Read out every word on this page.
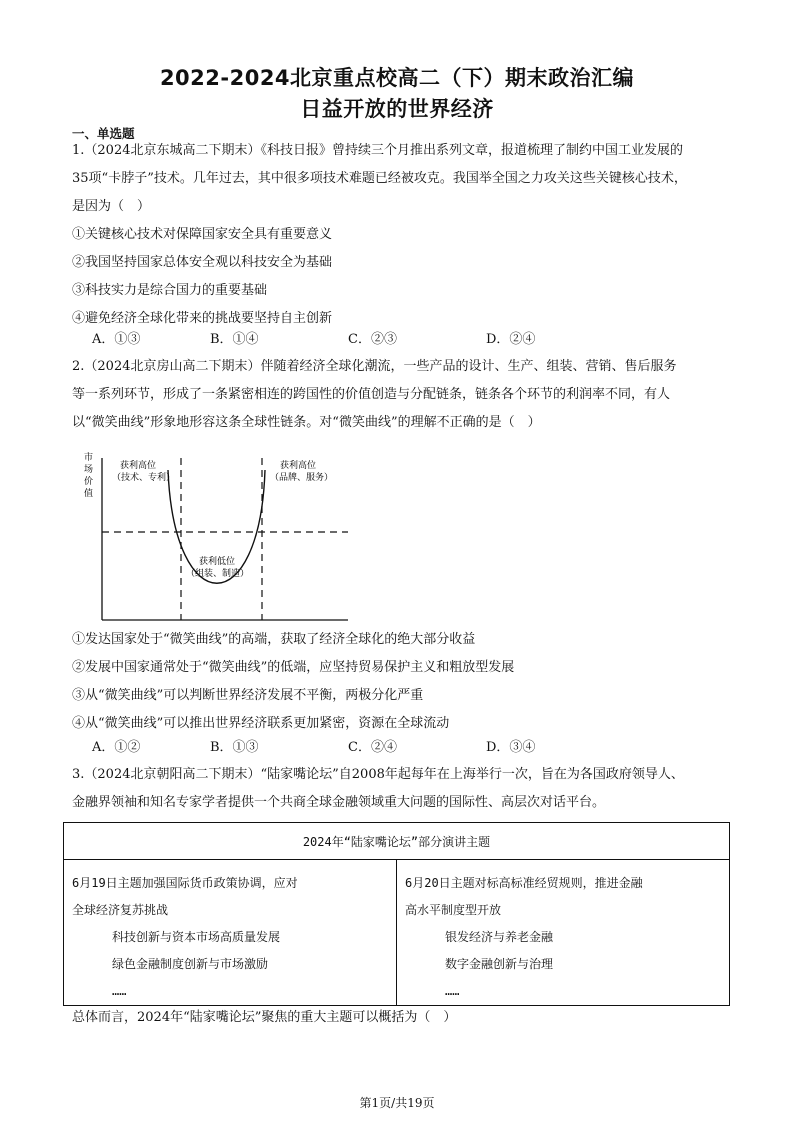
2022-2024北京重点校高二（下）期末政治汇编
日益开放的世界经济
一、单选题
1.（2024北京东城高二下期末）《科技日报》曾持续三个月推出系列文章，报道梳理了制约中国工业发展的
35项“卡脖子”技术。几年过去，其中很多项技术难题已经被攻克。我国举全国之力攻关这些关键核心技术，
是因为（　）
①关键核心技术对保障国家安全具有重要意义
②我国坚持国家总体安全观以科技安全为基础
③科技实力是综合国力的重要基础
④避免经济全球化带来的挑战要坚持自主创新
A．①③	B．①④	C．②③	D．②④
2.（2024北京房山高二下期末）伴随着经济全球化潮流，一些产品的设计、生产、组装、营销、售后服务
等一系列环节，形成了一条紧密相连的跨国性的价值创造与分配链条，链条各个环节的利润率不同，有人
以“微笑曲线”形象地形容这条全球性链条。对“微笑曲线”的理解不正确的是（　）
市
场
价
值
获利高位
（技术、专利）
获利高位
（品牌、服务）
获利低位
（组装、制造）
①发达国家处于“微笑曲线”的高端，获取了经济全球化的绝大部分收益
②发展中国家通常处于“微笑曲线”的低端，应坚持贸易保护主义和粗放型发展
③从“微笑曲线”可以判断世界经济发展不平衡，两极分化严重
④从“微笑曲线”可以推出世界经济联系更加紧密，资源在全球流动
A．①②	B．①③	C．②④	D．③④
3.（2024北京朝阳高二下期末）“陆家嘴论坛”自2008年起每年在上海举行一次，旨在为各国政府领导人、
金融界领袖和知名专家学者提供一个共商全球金融领域重大问题的国际性、高层次对话平台。
2024年“陆家嘴论坛”部分演讲主题

6月19日主题加强国际货币政策协调，应对
全球经济复苏挑战
科技创新与资本市场高质量发展
绿色金融制度创新与市场激励
……

6月20日主题对标高标准经贸规则，推进金融
高水平制度型开放
银发经济与养老金融
数字金融创新与治理
……
总体而言，2024年“陆家嘴论坛”聚焦的重大主题可以概括为（　）
第1页/共19页
